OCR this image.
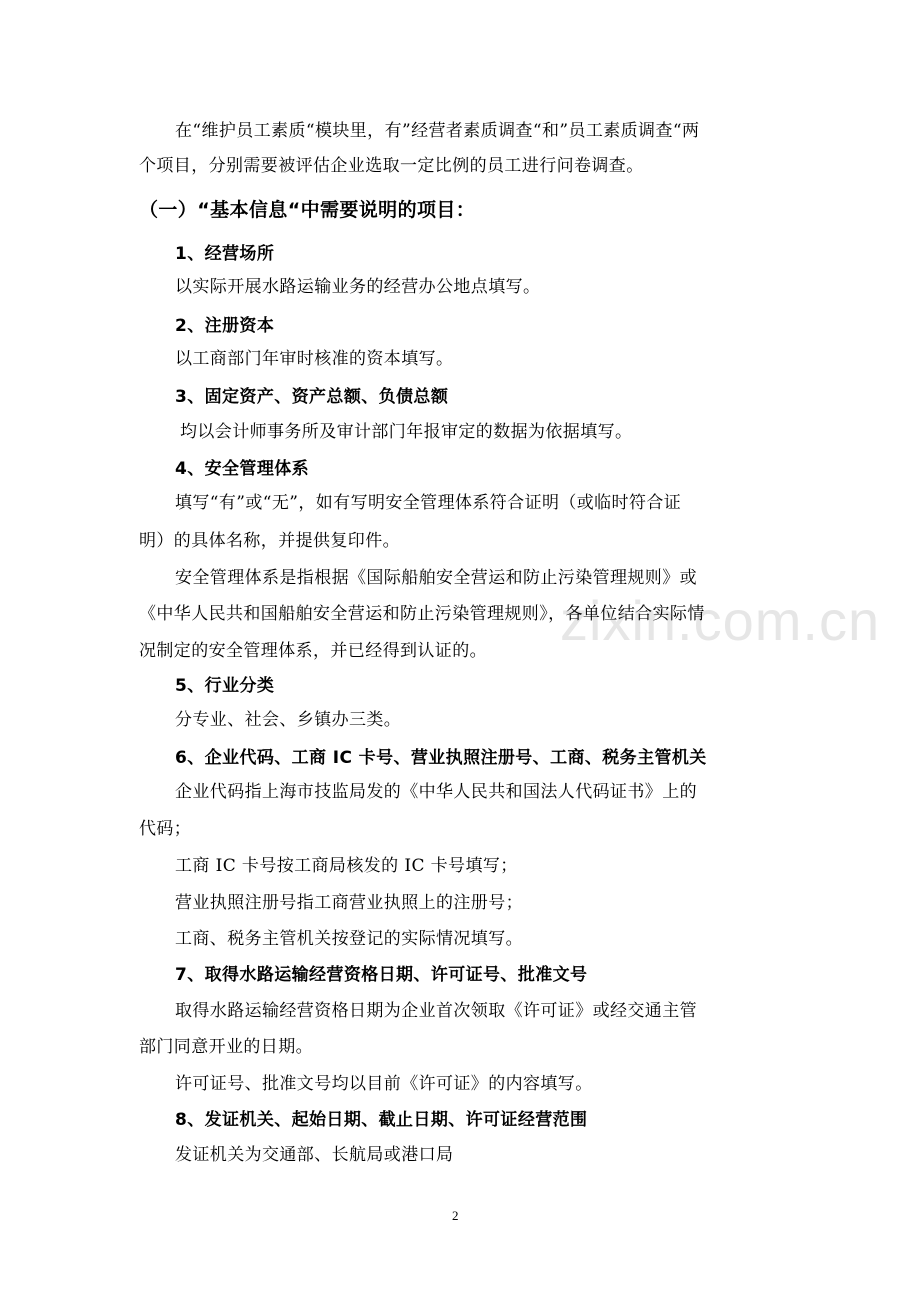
zixin.com.cn
在“维护员工素质“模块里，有”经营者素质调查“和”员工素质调查“两
个项目，分别需要被评估企业选取一定比例的员工进行问卷调查。
（一）“基本信息“中需要说明的项目：
1、经营场所
以实际开展水路运输业务的经营办公地点填写。
2、注册资本
以工商部门年审时核准的资本填写。
3、固定资产、资产总额、负债总额
均以会计师事务所及审计部门年报审定的数据为依据填写。
4、安全管理体系
填写“有”或“无”，如有写明安全管理体系符合证明（或临时符合证
明）的具体名称，并提供复印件。
安全管理体系是指根据《国际船舶安全营运和防止污染管理规则》或
《中华人民共和国船舶安全营运和防止污染管理规则》，各单位结合实际情
况制定的安全管理体系，并已经得到认证的。
5、行业分类
分专业、社会、乡镇办三类。
6、企业代码、工商 IC 卡号、营业执照注册号、工商、税务主管机关
企业代码指上海市技监局发的《中华人民共和国法人代码证书》上的
代码；
工商 IC 卡号按工商局核发的 IC 卡号填写；
营业执照注册号指工商营业执照上的注册号；
工商、税务主管机关按登记的实际情况填写。
7、取得水路运输经营资格日期、许可证号、批准文号
取得水路运输经营资格日期为企业首次领取《许可证》或经交通主管
部门同意开业的日期。
许可证号、批准文号均以目前《许可证》的内容填写。
8、发证机关、起始日期、截止日期、许可证经营范围
发证机关为交通部、长航局或港口局
2
